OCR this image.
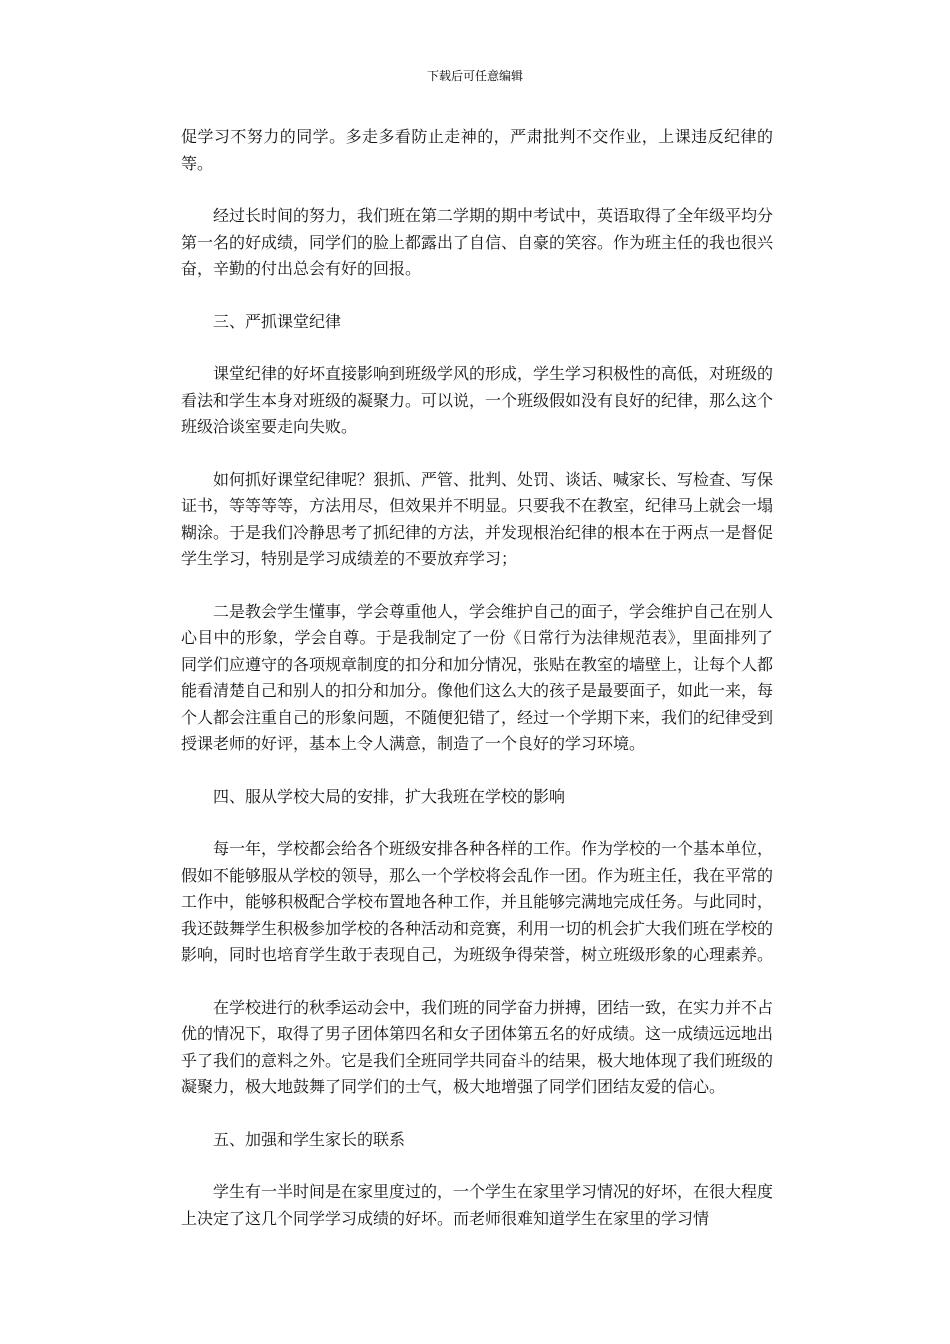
下载后可任意编辑

促学习不努力的同学。多走多看防止走神的，严肃批判不交作业，上课违反纪律的等。

经过长时间的努力，我们班在第二学期的期中考试中，英语取得了全年级平均分第一名的好成绩，同学们的脸上都露出了自信、自豪的笑容。作为班主任的我也很兴奋，辛勤的付出总会有好的回报。

三、严抓课堂纪律

课堂纪律的好坏直接影响到班级学风的形成，学生学习积极性的高低，对班级的看法和学生本身对班级的凝聚力。可以说，一个班级假如没有良好的纪律，那么这个班级洽谈室要走向失败。

如何抓好课堂纪律呢？狠抓、严管、批判、处罚、谈话、喊家长、写检查、写保证书，等等等等，方法用尽，但效果并不明显。只要我不在教室，纪律马上就会一塌糊涂。于是我们冷静思考了抓纪律的方法，并发现根治纪律的根本在于两点一是督促学生学习，特别是学习成绩差的不要放弃学习；

二是教会学生懂事，学会尊重他人，学会维护自己的面子，学会维护自己在别人心目中的形象，学会自尊。于是我制定了一份《日常行为法律规范表》，里面排列了同学们应遵守的各项规章制度的扣分和加分情况，张贴在教室的墙壁上，让每个人都能看清楚自己和别人的扣分和加分。像他们这么大的孩子是最要面子，如此一来，每个人都会注重自己的形象问题，不随便犯错了，经过一个学期下来，我们的纪律受到授课老师的好评，基本上令人满意，制造了一个良好的学习环境。

四、服从学校大局的安排，扩大我班在学校的影响

每一年，学校都会给各个班级安排各种各样的工作。作为学校的一个基本单位，假如不能够服从学校的领导，那么一个学校将会乱作一团。作为班主任，我在平常的工作中，能够积极配合学校布置地各种工作，并且能够完满地完成任务。与此同时，我还鼓舞学生积极参加学校的各种活动和竞赛，利用一切的机会扩大我们班在学校的影响，同时也培育学生敢于表现自己，为班级争得荣誉，树立班级形象的心理素养。

在学校进行的秋季运动会中，我们班的同学奋力拼搏，团结一致，在实力并不占优的情况下，取得了男子团体第四名和女子团体第五名的好成绩。这一成绩远远地出乎了我们的意料之外。它是我们全班同学共同奋斗的结果，极大地体现了我们班级的凝聚力，极大地鼓舞了同学们的士气，极大地增强了同学们团结友爱的信心。

五、加强和学生家长的联系

学生有一半时间是在家里度过的，一个学生在家里学习情况的好坏，在很大程度上决定了这几个同学学习成绩的好坏。而老师很难知道学生在家里的学习情
